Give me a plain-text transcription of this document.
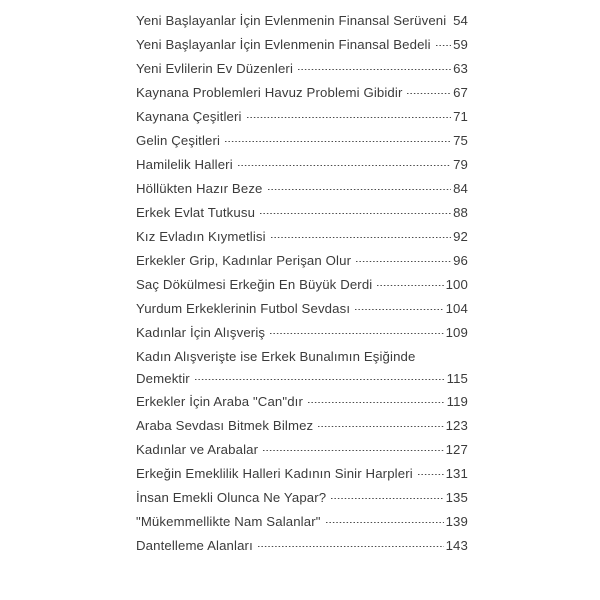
Yeni Başlayanlar İçin Evlenmenin Finansal Serüveni 54
Yeni Başlayanlar İçin Evlenmenin Finansal Bedeli 59
Yeni Evlilerin Ev Düzenleri	63
Kaynana Problemleri Havuz Problemi Gibidir	67
Kaynana Çeşitleri	71
Gelin Çeşitleri	75
Hamilelik Halleri	79
Höllükten Hazır Beze	84
Erkek Evlat Tutkusu	88
Kız Evladın Kıymetlisi	92
Erkekler Grip, Kadınlar Perişan Olur	96
Saç Dökülmesi Erkeğin En Büyük Derdi	100
Yurdum Erkeklerinin Futbol Sevdası	104
Kadınlar İçin Alışveriş	109
Kadın Alışverişte ise Erkek Bunalımın Eşiğinde
Demektir	115
Erkekler İçin Araba "Can"dır	119
Araba Sevdası Bitmek Bilmez	123
Kadınlar ve Arabalar	127
Erkeğin Emeklilik Halleri Kadının Sinir Harpleri 131
İnsan Emekli Olunca Ne Yapar?	135
"Mükemmellikte Nam Salanlar"	139
Dantelleme Alanları	143
